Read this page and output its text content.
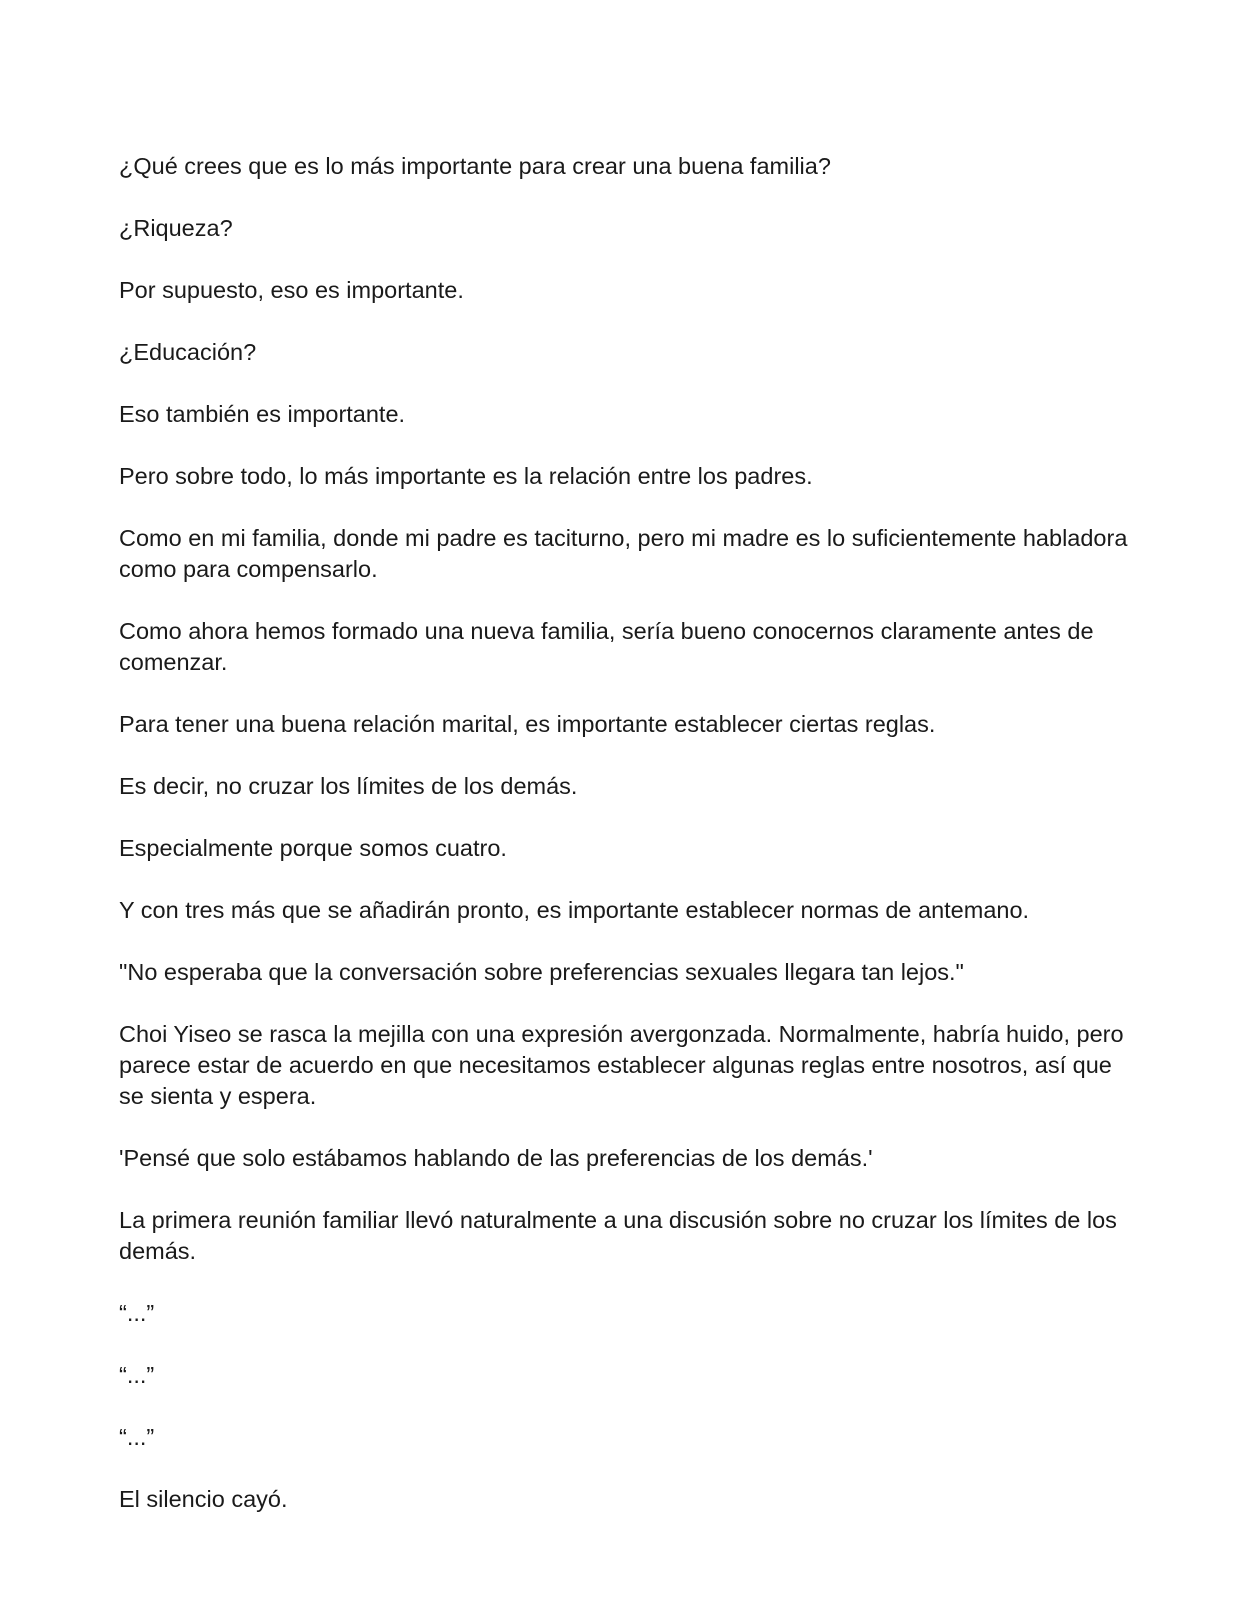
¿Qué crees que es lo más importante para crear una buena familia?

¿Riqueza?

Por supuesto, eso es importante.

¿Educación?

Eso también es importante.

Pero sobre todo, lo más importante es la relación entre los padres.

Como en mi familia, donde mi padre es taciturno, pero mi madre es lo suficientemente habladora como para compensarlo.

Como ahora hemos formado una nueva familia, sería bueno conocernos claramente antes de comenzar.

Para tener una buena relación marital, es importante establecer ciertas reglas.

Es decir, no cruzar los límites de los demás.

Especialmente porque somos cuatro.

Y con tres más que se añadirán pronto, es importante establecer normas de antemano.

"No esperaba que la conversación sobre preferencias sexuales llegara tan lejos."

Choi Yiseo se rasca la mejilla con una expresión avergonzada. Normalmente, habría huido, pero parece estar de acuerdo en que necesitamos establecer algunas reglas entre nosotros, así que se sienta y espera.

'Pensé que solo estábamos hablando de las preferencias de los demás.'

La primera reunión familiar llevó naturalmente a una discusión sobre no cruzar los límites de los demás.

“...”

“...”

“...”

El silencio cayó.
